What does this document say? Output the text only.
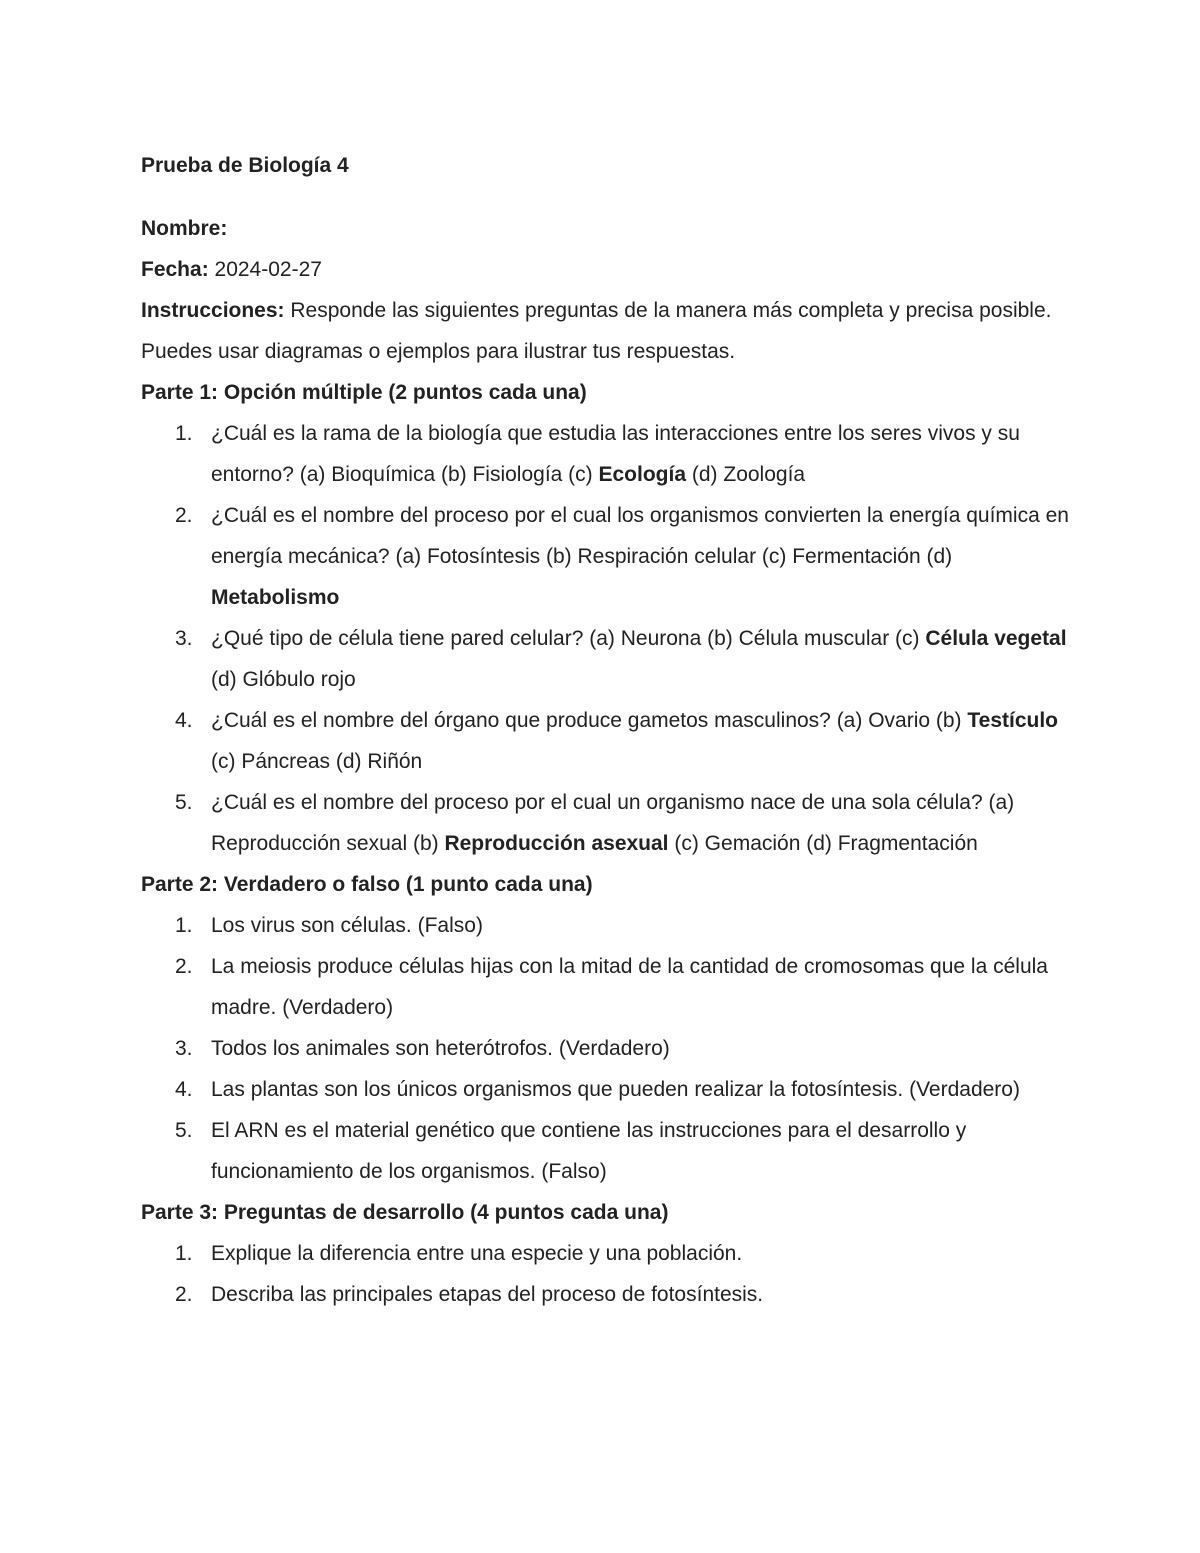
Prueba de Biología 4

Nombre:

Fecha: 2024-02-27

Instrucciones: Responde las siguientes preguntas de la manera más completa y precisa posible. Puedes usar diagramas o ejemplos para ilustrar tus respuestas.

Parte 1: Opción múltiple (2 puntos cada una)

1. ¿Cuál es la rama de la biología que estudia las interacciones entre los seres vivos y su entorno? (a) Bioquímica (b) Fisiología (c) Ecología (d) Zoología
2. ¿Cuál es el nombre del proceso por el cual los organismos convierten la energía química en energía mecánica? (a) Fotosíntesis (b) Respiración celular (c) Fermentación (d) Metabolismo
3. ¿Qué tipo de célula tiene pared celular? (a) Neurona (b) Célula muscular (c) Célula vegetal (d) Glóbulo rojo
4. ¿Cuál es el nombre del órgano que produce gametos masculinos? (a) Ovario (b) Testículo (c) Páncreas (d) Riñón
5. ¿Cuál es el nombre del proceso por el cual un organismo nace de una sola célula? (a) Reproducción sexual (b) Reproducción asexual (c) Gemación (d) Fragmentación

Parte 2: Verdadero o falso (1 punto cada una)

1. Los virus son células. (Falso)
2. La meiosis produce células hijas con la mitad de la cantidad de cromosomas que la célula madre. (Verdadero)
3. Todos los animales son heterótrofos. (Verdadero)
4. Las plantas son los únicos organismos que pueden realizar la fotosíntesis. (Verdadero)
5. El ARN es el material genético que contiene las instrucciones para el desarrollo y funcionamiento de los organismos. (Falso)

Parte 3: Preguntas de desarrollo (4 puntos cada una)

1. Explique la diferencia entre una especie y una población.
2. Describa las principales etapas del proceso de fotosíntesis.
